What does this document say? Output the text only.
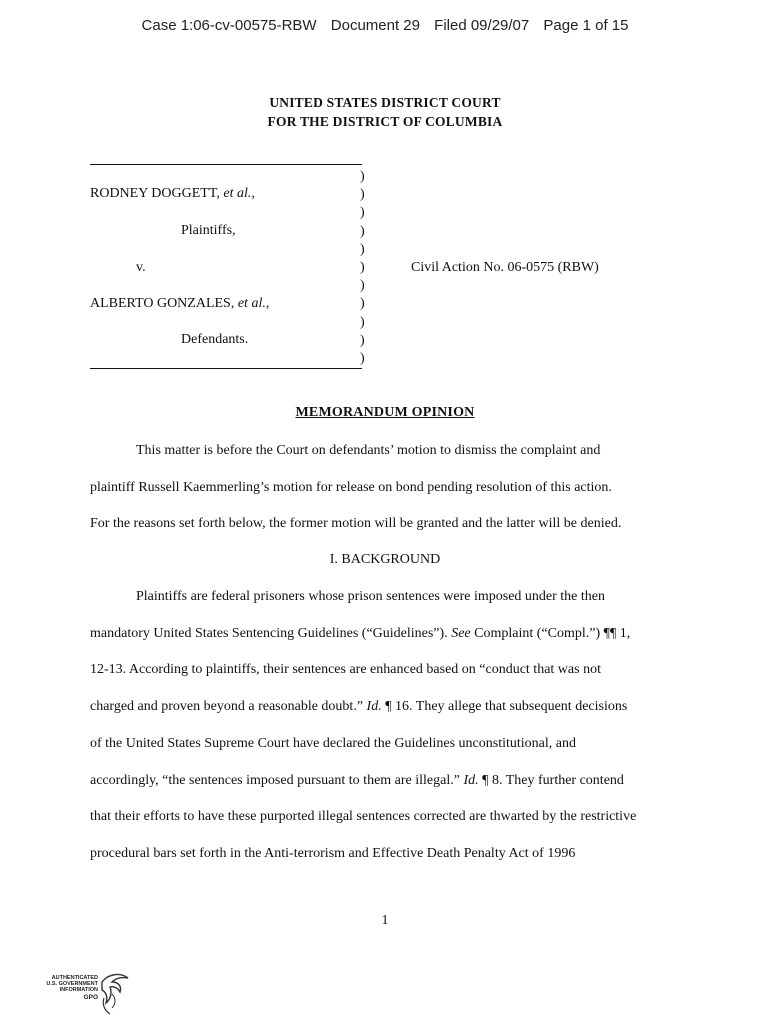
Case 1:06-cv-00575-RBW Document 29 Filed 09/29/07 Page 1 of 15
UNITED STATES DISTRICT COURT
FOR THE DISTRICT OF COLUMBIA
)
)
)
)
)
)
)
)
)
)
)
RODNEY DOGGETT, et al.,
Plaintiffs,
v.	Civil Action No. 06-0575 (RBW)
ALBERTO GONZALES, et al.,
Defendants.
MEMORANDUM OPINION
This matter is before the Court on defendants’ motion to dismiss the complaint and
plaintiff Russell Kaemmerling’s motion for release on bond pending resolution of this action.
For the reasons set forth below, the former motion will be granted and the latter will be denied.
I. BACKGROUND
Plaintiffs are federal prisoners whose prison sentences were imposed under the then
mandatory United States Sentencing Guidelines (“Guidelines”). See Complaint (“Compl.”) ¶¶ 1,
12-13. According to plaintiffs, their sentences are enhanced based on “conduct that was not
charged and proven beyond a reasonable doubt.” Id. ¶ 16. They allege that subsequent decisions
of the United States Supreme Court have declared the Guidelines unconstitutional, and
accordingly, “the sentences imposed pursuant to them are illegal.” Id. ¶ 8. They further contend
that their efforts to have these purported illegal sentences corrected are thwarted by the restrictive
procedural bars set forth in the Anti-terrorism and Effective Death Penalty Act of 1996
1
AUTHENTICATED
U.S. GOVERNMENT
INFORMATION
GPO
